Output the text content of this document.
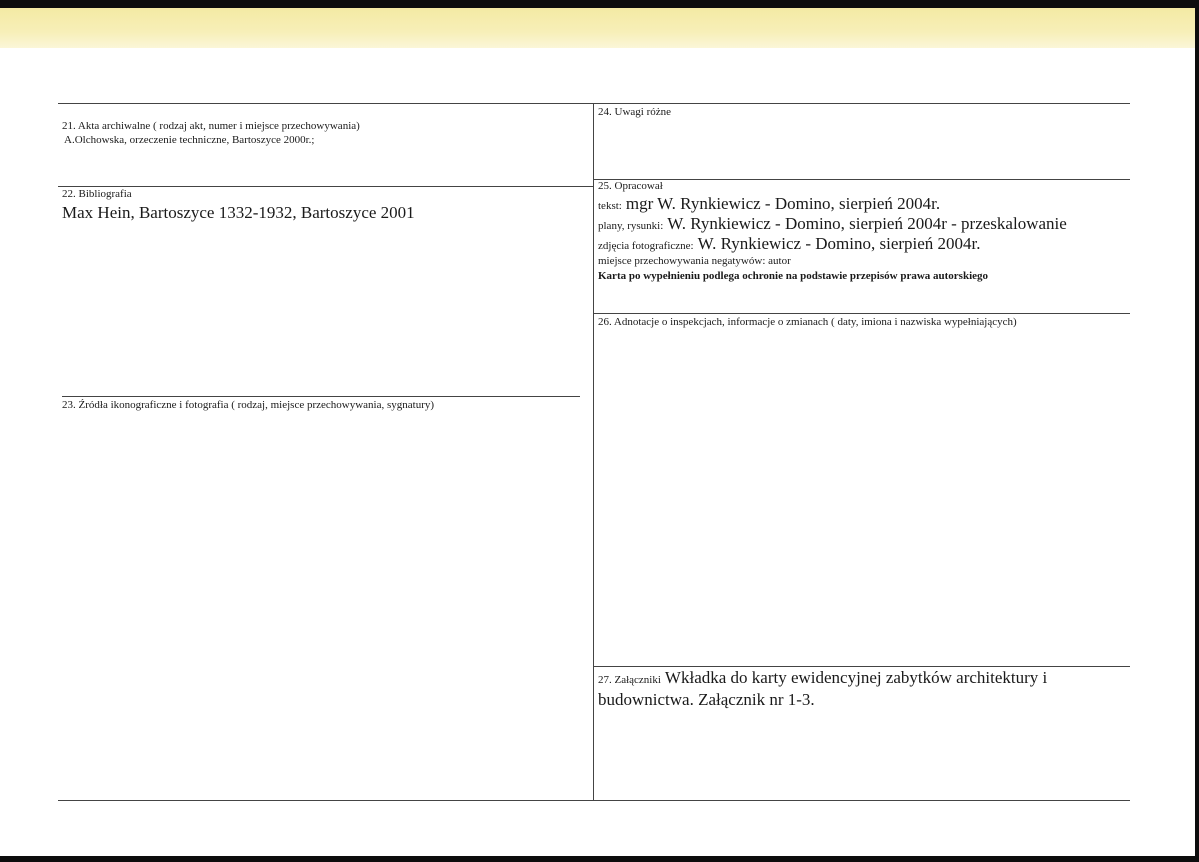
21. Akta archiwalne ( rodzaj akt, numer i miejsce przechowywania)
A.Olchowska, orzeczenie techniczne, Bartoszyce 2000r.;
22. Bibliografia
Max Hein, Bartoszyce 1332-1932, Bartoszyce 2001
23. Źródła ikonograficzne i fotografia ( rodzaj, miejsce przechowywania, sygnatury)
24. Uwagi różne
25. Opracował
tekst: mgr W. Rynkiewicz - Domino, sierpień 2004r.
plany, rysunki: W. Rynkiewicz - Domino, sierpień 2004r - przeskalowanie
zdjęcia fotograficzne: W. Rynkiewicz - Domino, sierpień 2004r.
miejsce przechowywania negatywów: autor
Karta po wypełnieniu podlega ochronie na podstawie przepisów prawa autorskiego
26. Adnotacje o inspekcjach, informacje o zmianach ( daty, imiona i nazwiska wypełniających)
27. Załączniki Wkładka do karty ewidencyjnej zabytków architektury i budownictwa. Załącznik nr 1-3.
